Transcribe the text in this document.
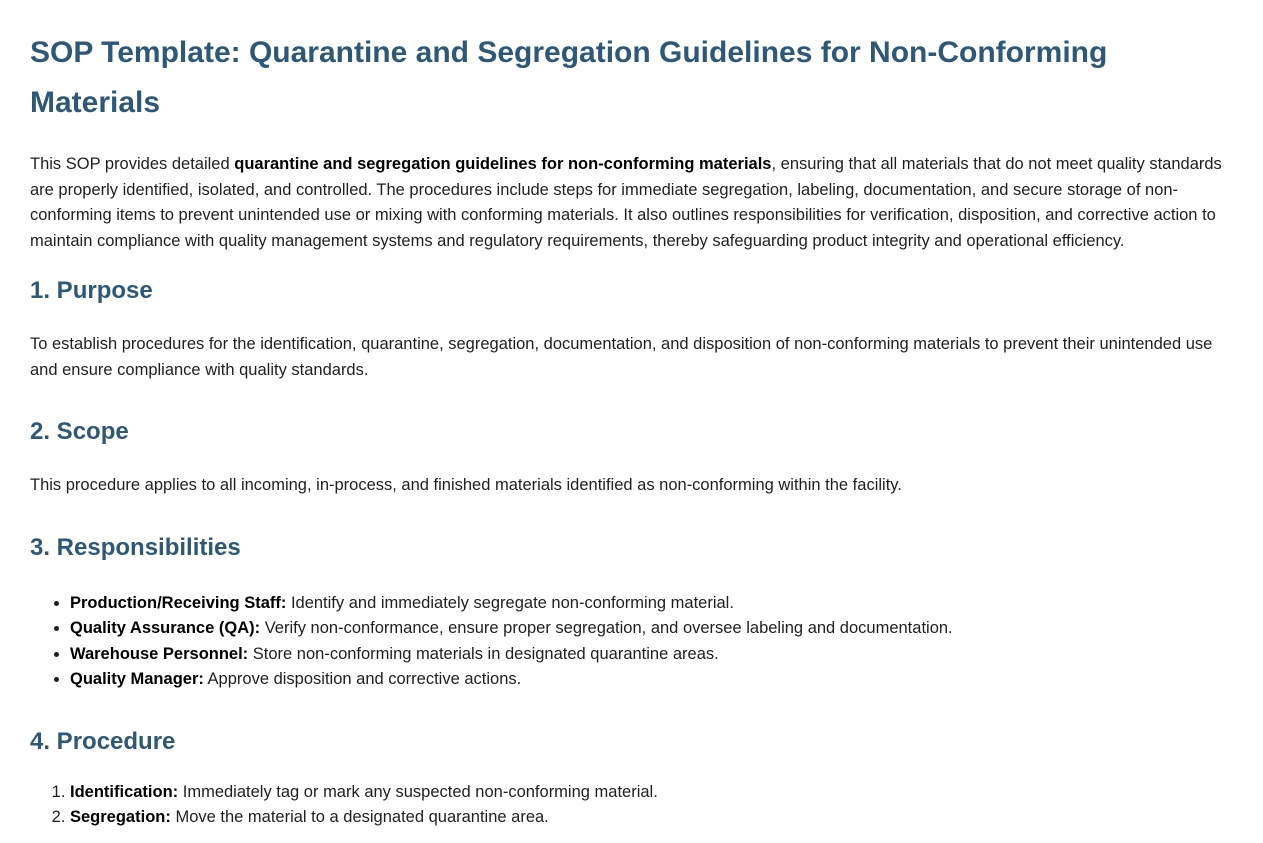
SOP Template: Quarantine and Segregation Guidelines for Non-Conforming Materials

This SOP provides detailed quarantine and segregation guidelines for non-conforming materials, ensuring that all materials that do not meet quality standards are properly identified, isolated, and controlled. The procedures include steps for immediate segregation, labeling, documentation, and secure storage of non-conforming items to prevent unintended use or mixing with conforming materials. It also outlines responsibilities for verification, disposition, and corrective action to maintain compliance with quality management systems and regulatory requirements, thereby safeguarding product integrity and operational efficiency.

1. Purpose

To establish procedures for the identification, quarantine, segregation, documentation, and disposition of non-conforming materials to prevent their unintended use and ensure compliance with quality standards.

2. Scope

This procedure applies to all incoming, in-process, and finished materials identified as non-conforming within the facility.

3. Responsibilities
• Production/Receiving Staff: Identify and immediately segregate non-conforming material.
• Quality Assurance (QA): Verify non-conformance, ensure proper segregation, and oversee labeling and documentation.
• Warehouse Personnel: Store non-conforming materials in designated quarantine areas.
• Quality Manager: Approve disposition and corrective actions.
4. Procedure
1. Identification: Immediately tag or mark any suspected non-conforming material.
2. Segregation: Move the material to a designated quarantine area.
